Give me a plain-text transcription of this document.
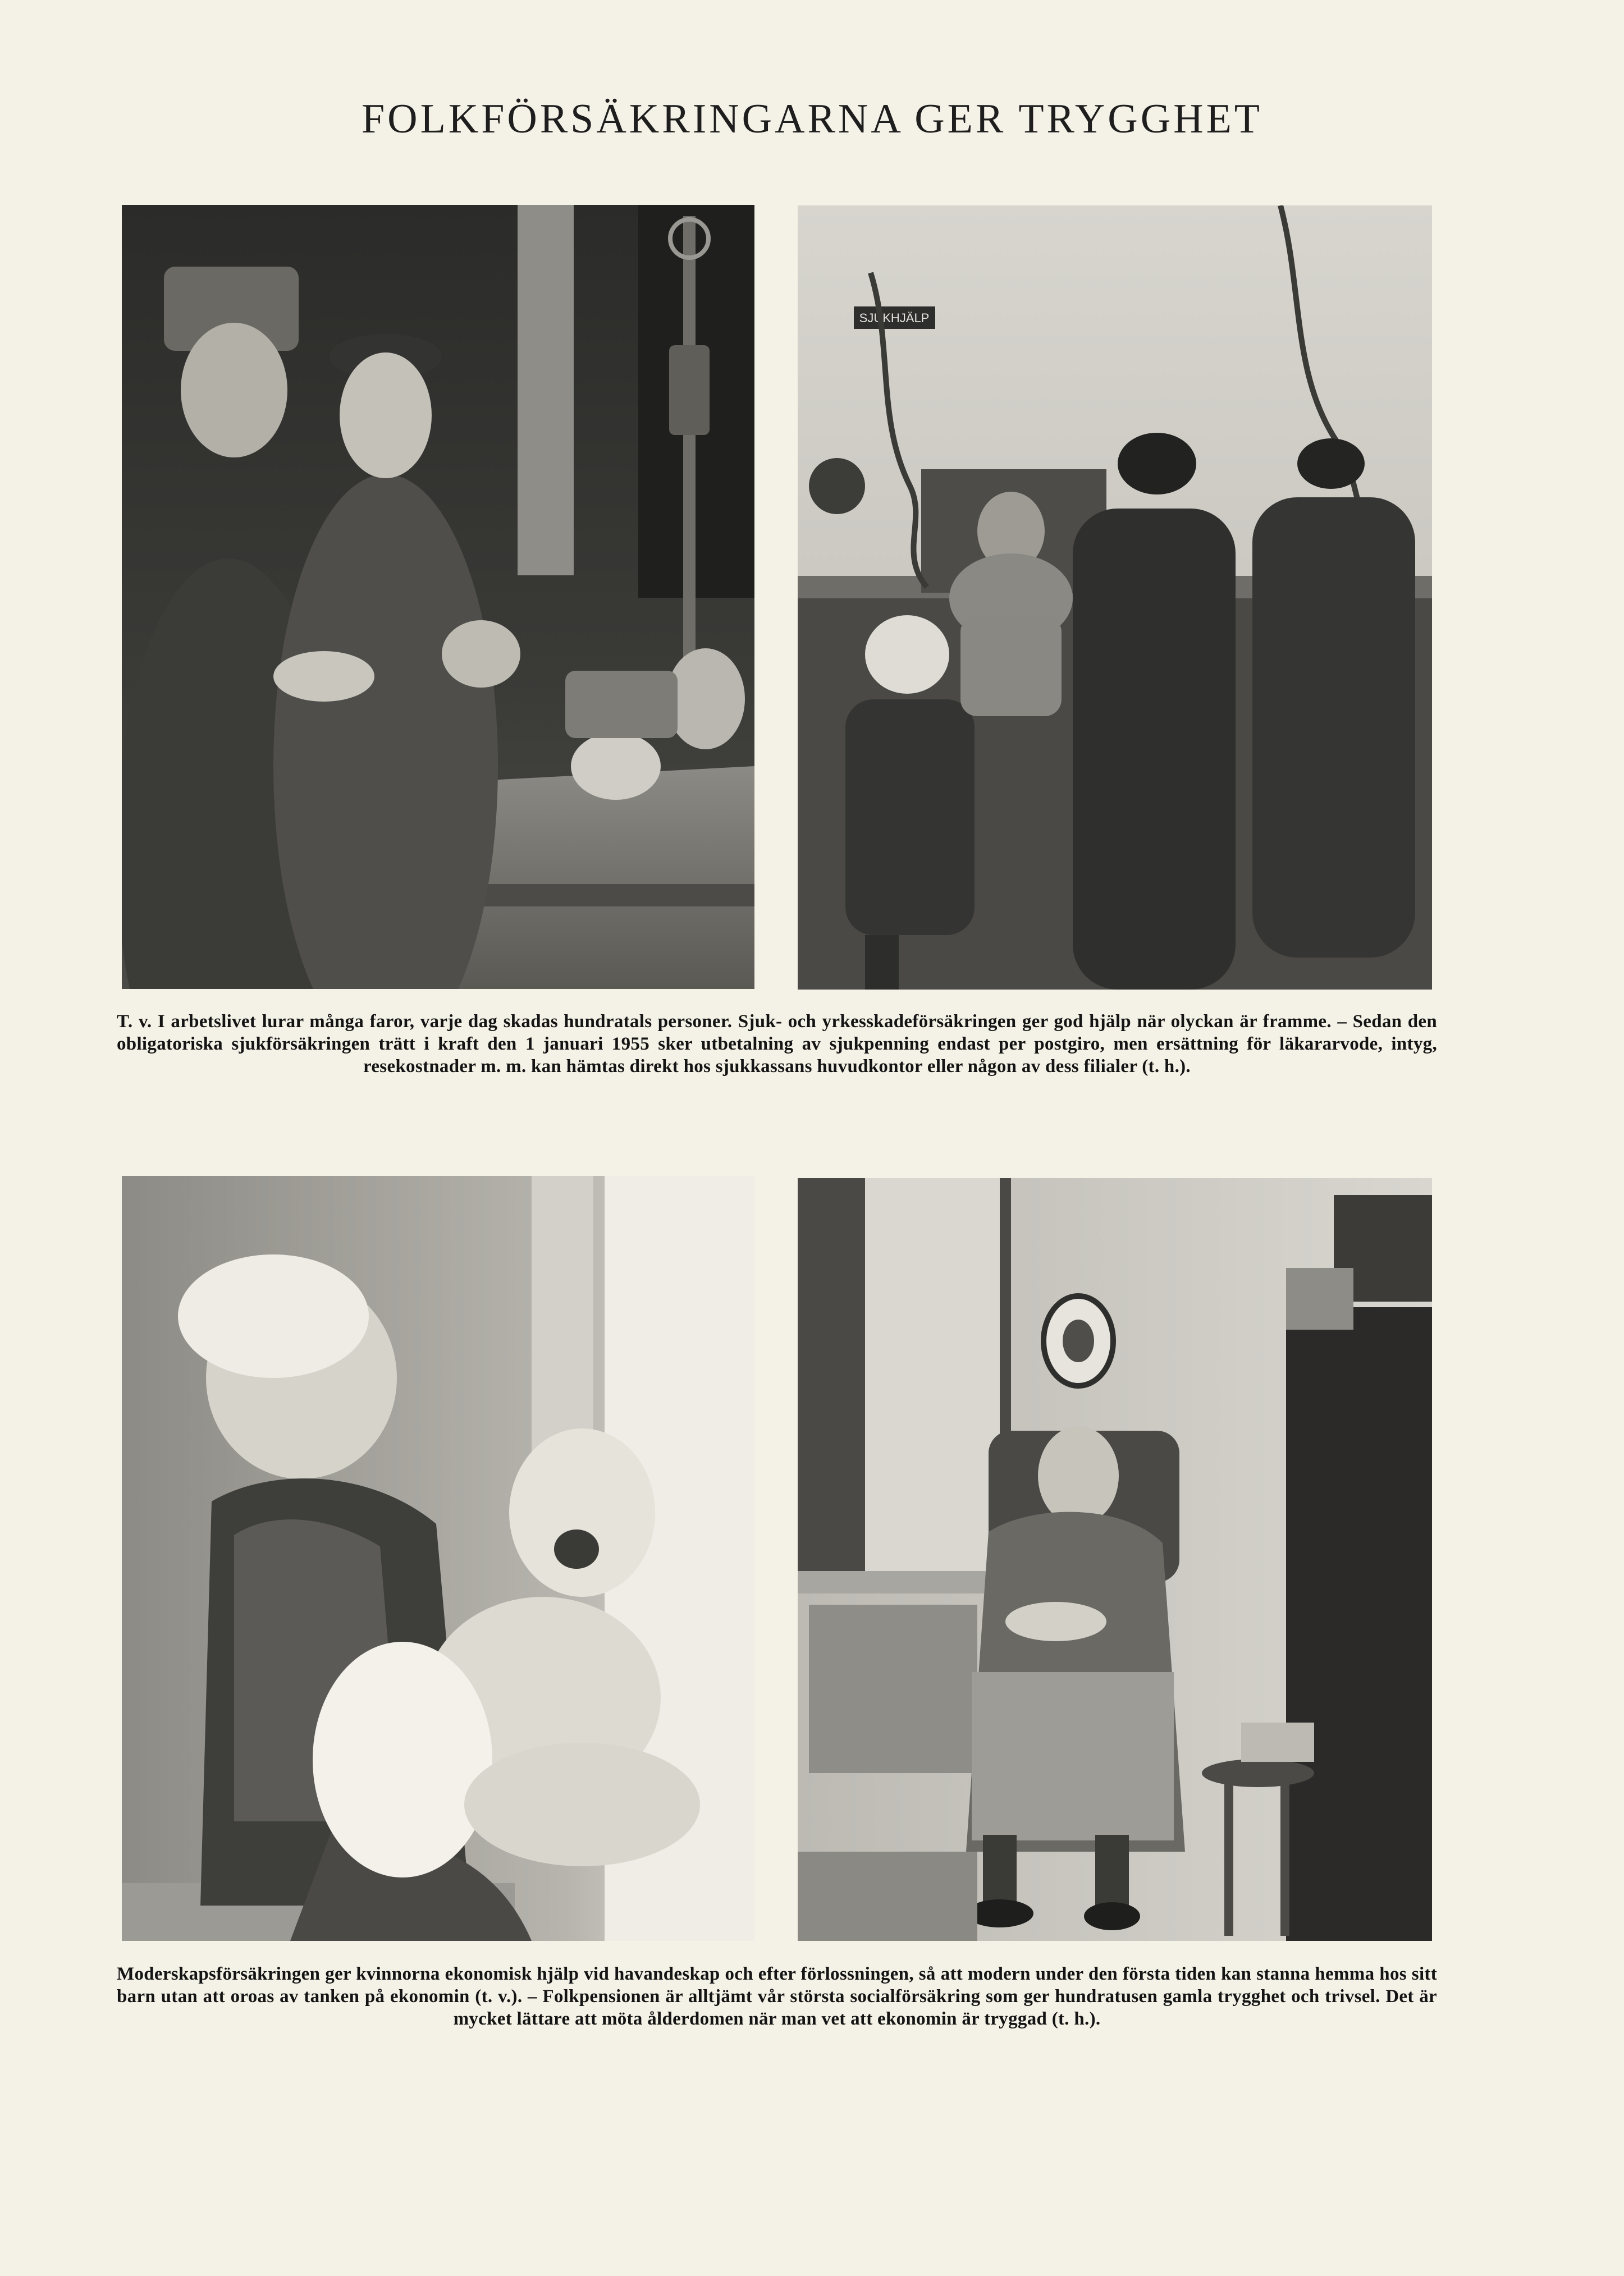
FOLKFÖRSÄKRINGARNA GER TRYGGHET
SJUKHJÄLP
T. v. I arbetslivet lurar många faror, varje dag skadas hundratals personer. Sjuk- och yrkesskadeförsäkringen ger god hjälp när olyckan är framme. – Sedan den obligatoriska sjukförsäkringen trätt i kraft den 1 januari 1955 sker utbetalning av sjukpenning endast per postgiro, men ersättning för läkararvode, intyg, resekostnader m. m. kan hämtas direkt hos sjukkassans huvudkontor eller någon av dess filialer (t. h.).
Moderskapsförsäkringen ger kvinnorna ekonomisk hjälp vid havandeskap och efter förlossningen, så att modern under den första tiden kan stanna hemma hos sitt barn utan att oroas av tanken på ekonomin (t. v.). – Folkpensionen är alltjämt vår största socialförsäkring som ger hundratusen gamla trygghet och trivsel. Det är mycket lättare att möta ålderdomen när man vet att ekonomin är tryggad (t. h.).
